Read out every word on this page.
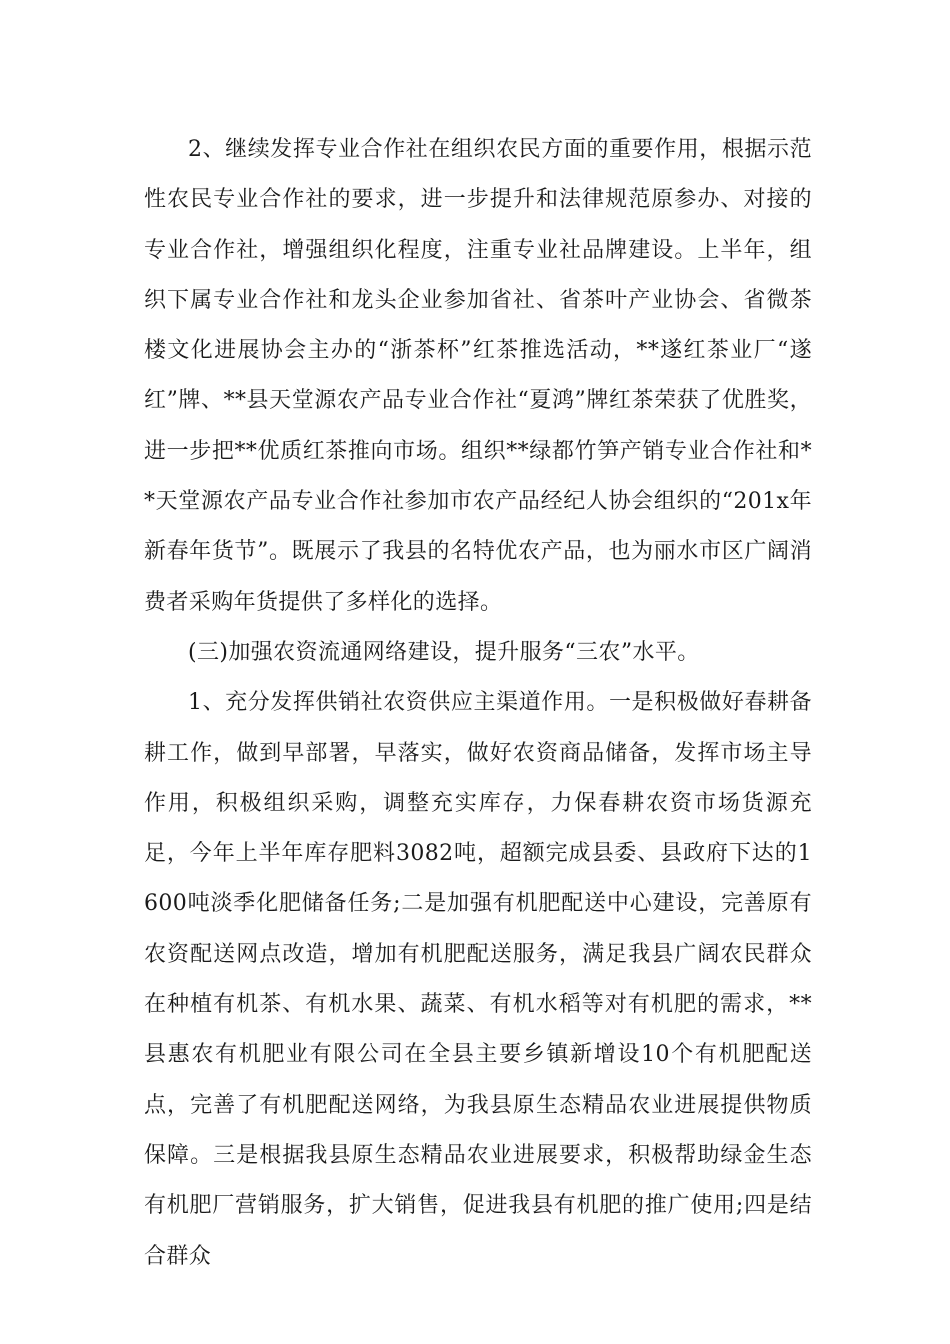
2、继续发挥专业合作社在组织农民方面的重要作用，根据示范性农民专业合作社的要求，进一步提升和法律规范原参办、对接的专业合作社，增强组织化程度，注重专业社品牌建设。上半年，组织下属专业合作社和龙头企业参加省社、省茶叶产业协会、省微茶楼文化进展协会主办的“浙茶杯”红茶推选活动，**遂红茶业厂“遂红”牌、**县天堂源农产品专业合作社“夏鸿”牌红茶荣获了优胜奖，进一步把**优质红茶推向市场。组织**绿都竹笋产销专业合作社和**天堂源农产品专业合作社参加市农产品经纪人协会组织的“201x年新春年货节”。既展示了我县的名特优农产品，也为丽水市区广阔消费者采购年货提供了多样化的选择。

(三)加强农资流通网络建设，提升服务“三农”水平。

1、充分发挥供销社农资供应主渠道作用。一是积极做好春耕备耕工作，做到早部署，早落实，做好农资商品储备，发挥市场主导作用，积极组织采购，调整充实库存，力保春耕农资市场货源充足，今年上半年库存肥料3082吨，超额完成县委、县政府下达的1600吨淡季化肥储备任务;二是加强有机肥配送中心建设，完善原有农资配送网点改造，增加有机肥配送服务，满足我县广阔农民群众在种植有机茶、有机水果、蔬菜、有机水稻等对有机肥的需求，**县惠农有机肥业有限公司在全县主要乡镇新增设10个有机肥配送点，完善了有机肥配送网络，为我县原生态精品农业进展提供物质保障。三是根据我县原生态精品农业进展要求，积极帮助绿金生态有机肥厂营销服务，扩大销售，促进我县有机肥的推广使用;四是结合群众
